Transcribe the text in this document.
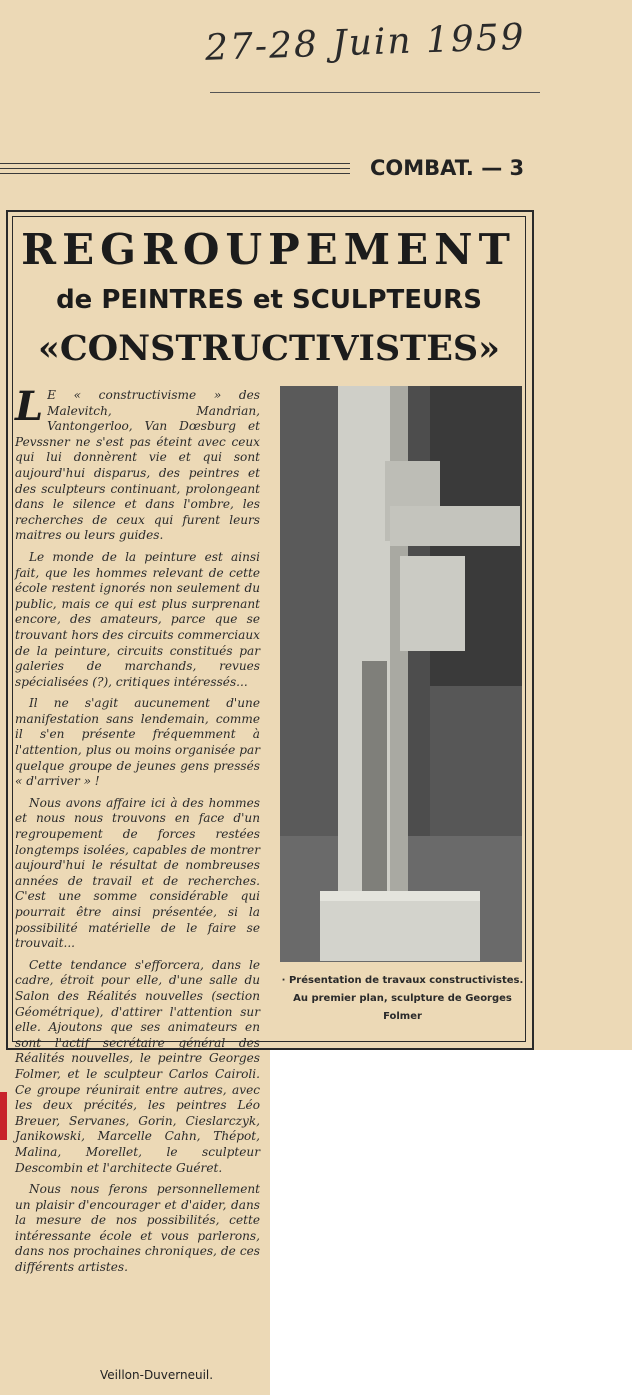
27-28 Juin 1959
COMBAT. — 3
REGROUPEMENT
de PEINTRES et SCULPTEURS
«CONSTRUCTIVISTES»

L E « constructivisme » des Malevitch, Mandrian, Vantongerloo, Van Dœsburg et Pevssner ne s'est pas éteint avec ceux qui lui donnèrent vie et qui sont aujourd'hui disparus, des peintres et des sculpteurs continuant, prolongeant dans le silence et dans l'ombre, les recherches de ceux qui furent leurs maitres ou leurs guides.

Le monde de la peinture est ainsi fait, que les hommes relevant de cette école restent ignorés non seulement du public, mais ce qui est plus surprenant encore, des amateurs, parce que se trouvant hors des circuits commerciaux de la peinture, circuits constitués par galeries de marchands, revues spécialisées (?), critiques intéressés...

Il ne s'agit aucunement d'une manifestation sans lendemain, comme il s'en présente fréquemment à l'attention, plus ou moins organisée par quelque groupe de jeunes gens pressés « d'arriver » !

Nous avons affaire ici à des hommes et nous nous trouvons en face d'un regroupement de forces restées longtemps isolées, capables de montrer aujourd'hui le résultat de nombreuses années de travail et de recherches. C'est une somme considérable qui pourrait être ainsi présentée, si la possibilité matérielle de le faire se trouvait...

Cette tendance s'efforcera, dans le cadre, étroit pour elle, d'une salle du Salon des Réalités nouvelles (section Géométrique), d'attirer l'attention sur elle. Ajoutons que ses animateurs en sont l'actif secrétaire général des Réalités nouvelles, le peintre Georges Folmer, et le sculpteur Carlos Cairoli. Ce groupe réunirait entre autres, avec les deux précités, les peintres Léo Breuer, Servanes, Gorin, Cieslarczyk, Janikowski, Marcelle Cahn, Thépot, Malina, Morellet, le sculpteur Descombin et l'architecte Guéret.

Nous nous ferons personnellement un plaisir d'encourager et d'aider, dans la mesure de nos possibilités, cette intéressante école et vous parlerons, dans nos prochaines chroniques, de ces différents artistes.

Veillon-Duverneuil.
· Présentation de travaux constructivistes. Au premier plan, sculpture de Georges Folmer
